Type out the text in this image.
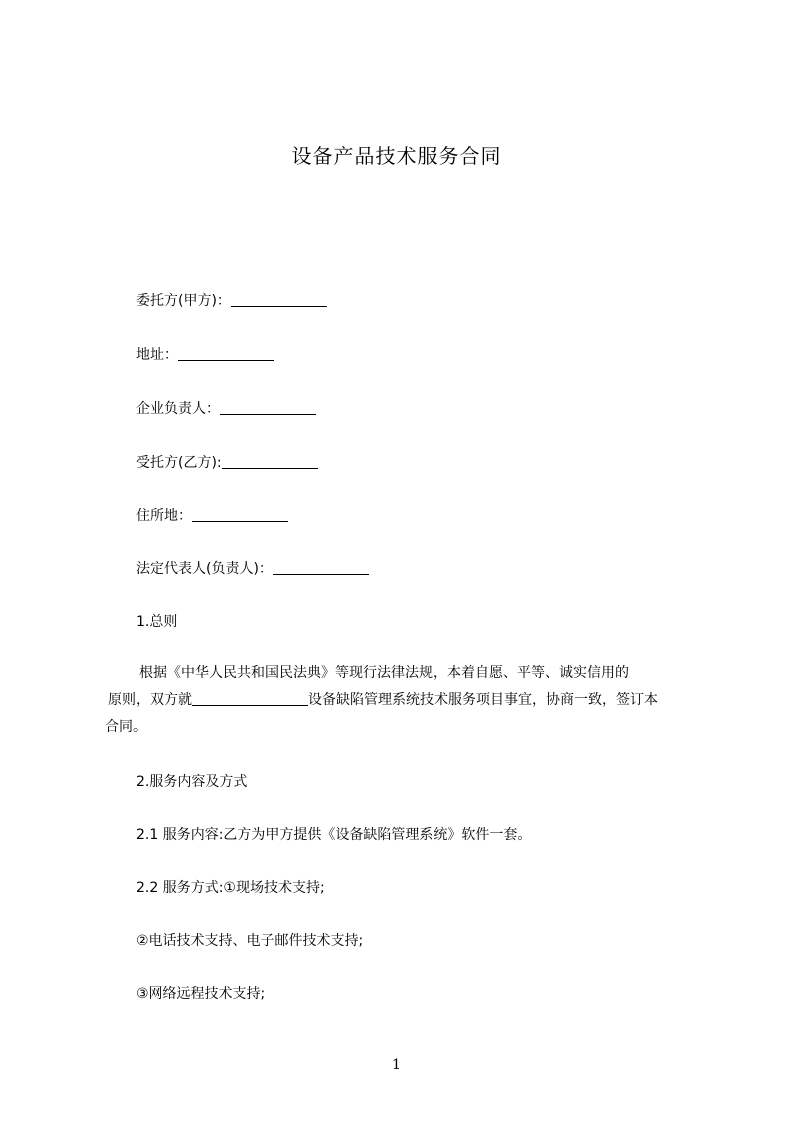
设备产品技术服务合同
委托方(甲方)：
地址：
企业负责人：
受托方(乙方):
住所地：
法定代表人(负责人)：
1.总则
根据《中华人民共和国民法典》等现行法律法规，本着自愿、平等、诚实信用的
原则，双方就	设备缺陷管理系统技术服务项目事宜，协商一致，签订本
合同。
2.服务内容及方式
2.1 服务内容:乙方为甲方提供《设备缺陷管理系统》软件一套。
2.2 服务方式:①现场技术支持;
②电话技术支持、电子邮件技术支持;
③网络远程技术支持;
1
